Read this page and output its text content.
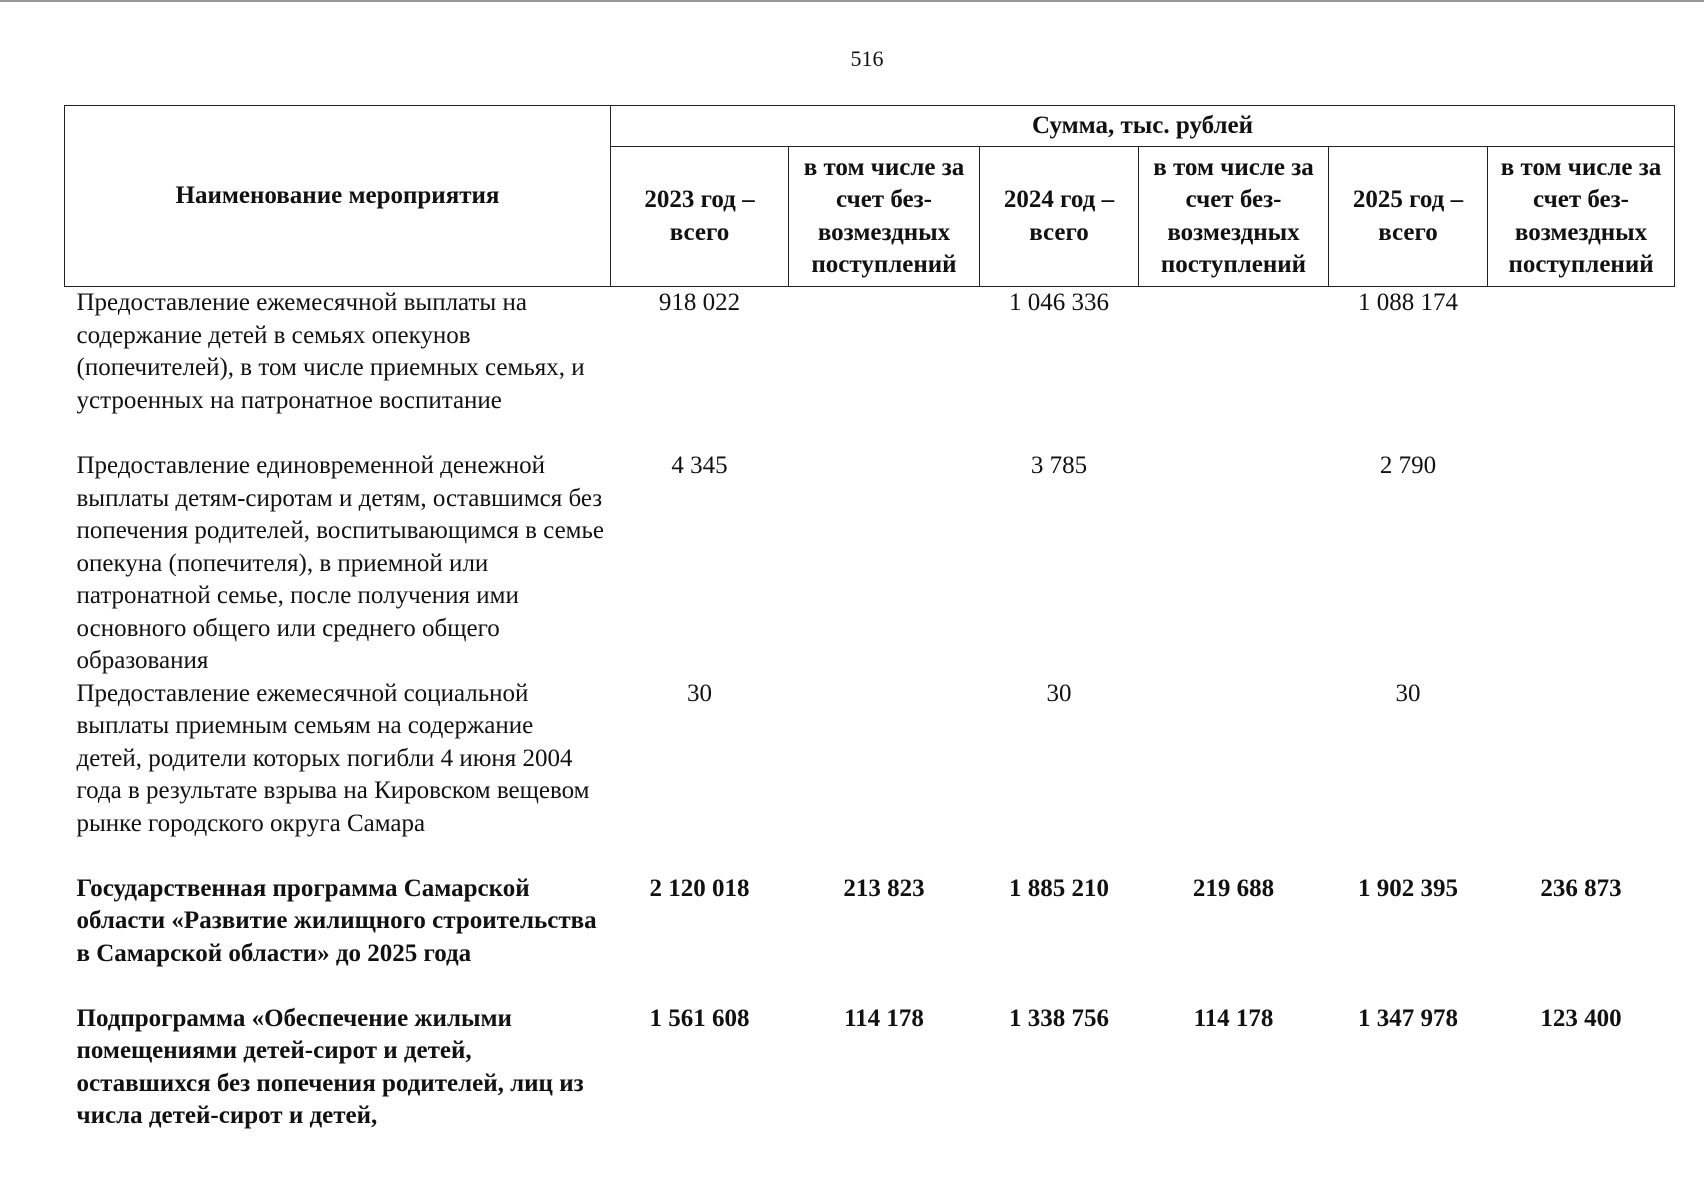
516
Наименование мероприятия	Сумма, тыс. рублей					
	2023 год – всего	в том числе за счет без-возмездных поступлений	2024 год – всего	в том числе за счет без-возмездных поступлений	2025 год – всего	в том числе за счет без-возмездных поступлений
Предоставление ежемесячной выплаты на содержание детей в семьях опекунов (попечителей), в том числе приемных семьях, и устроенных на патронатное воспитание	918 022		1 046 336		1 088 174	
Предоставление единовременной денежной выплаты детям-сиротам и детям, оставшимся без попечения родителей, воспитывающимся в семье опекуна (попечителя), в приемной или патронатной семье, после получения ими основного общего или среднего общего образования	4 345		3 785		2 790	
Предоставление ежемесячной социальной выплаты приемным семьям на содержание детей, родители которых погибли 4 июня 2004 года в результате взрыва на Кировском вещевом рынке городского округа Самара	30		30		30	
Государственная программа Самарской области «Развитие жилищного строительства в Самарской области» до 2025 года	2 120 018	213 823	1 885 210	219 688	1 902 395	236 873
Подпрограмма «Обеспечение жилыми помещениями детей-сирот и детей, оставшихся без попечения родителей, лиц из числа детей-сирот и детей,	1 561 608	114 178	1 338 756	114 178	1 347 978	123 400
